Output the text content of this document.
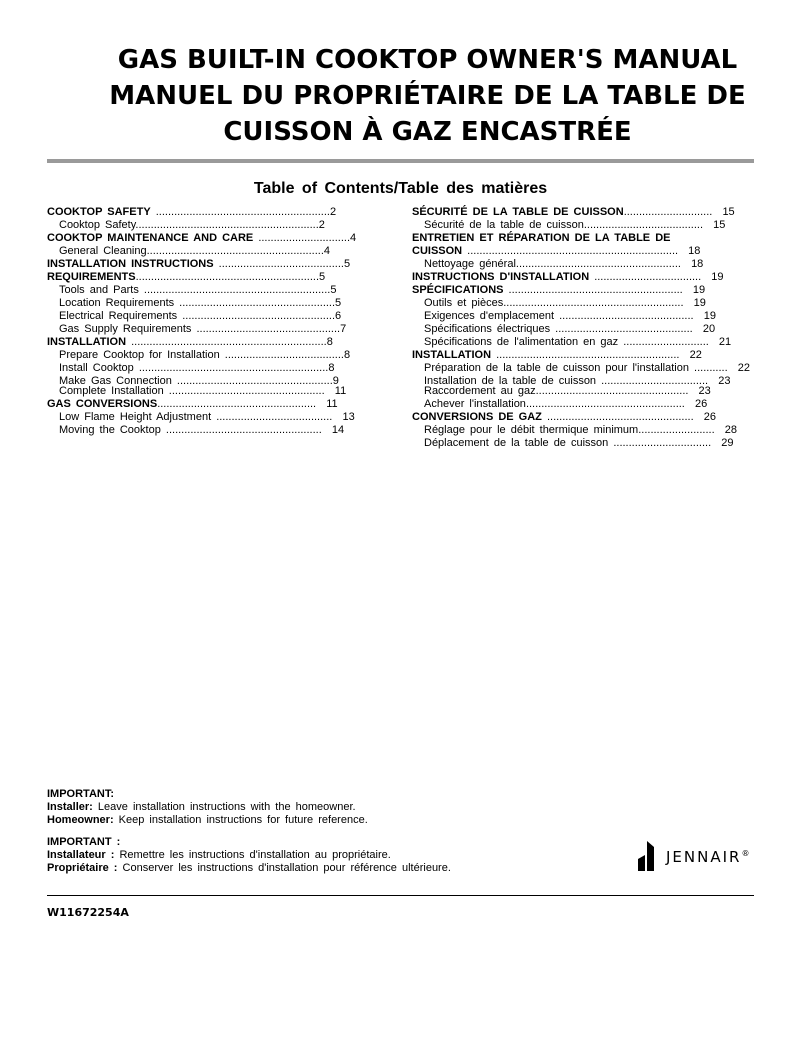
GAS BUILT-IN COOKTOP OWNER'S MANUAL
MANUEL DU PROPRIÉTAIRE DE LA TABLE DE
CUISSON À GAZ ENCASTRÉE
Table of Contents/Table des matières
COOKTOP SAFETY .........................................................2
Cooktop Safety............................................................2
COOKTOP MAINTENANCE AND CARE ..............................4
General Cleaning..........................................................4
INSTALLATION INSTRUCTIONS .........................................5
REQUIREMENTS............................................................5
Tools and Parts .............................................................5
Location Requirements ...................................................5
Electrical Requirements ..................................................6
Gas Supply Requirements ...............................................7
INSTALLATION ................................................................8
Prepare Cooktop for Installation .......................................8
Install Cooktop ..............................................................8
Make Gas Connection ...................................................9
Complete Installation ...................................................  11
GAS CONVERSIONS....................................................  11
Low Flame Height Adjustment ......................................  13
Moving the Cooktop ...................................................  14
SÉCURITÉ DE LA TABLE DE CUISSON.............................  15
Sécurité de la table de cuisson.......................................  15
ENTRETIEN ET RÉPARATION DE LA TABLE DE
CUISSON .....................................................................  18
Nettoyage général......................................................  18
INSTRUCTIONS D'INSTALLATION ...................................  19
SPÉCIFICATIONS .........................................................  19
Outils et pièces...........................................................  19
Exigences d'emplacement ............................................  19
Spécifications électriques .............................................  20
Spécifications de l'alimentation en gaz ............................  21
INSTALLATION ............................................................  22
Préparation de la table de cuisson pour l'installation ...........  22
Installation de la table de cuisson ...................................  23
Raccordement au gaz..................................................  23
Achever l'installation....................................................  26
CONVERSIONS DE GAZ ................................................  26
Réglage pour le débit thermique minimum.........................  28
Déplacement de la table de cuisson ................................  29
IMPORTANT:
Installer: Leave installation instructions with the homeowner.
Homeowner: Keep installation instructions for future reference.
IMPORTANT :
Installateur : Remettre les instructions d'installation au propriétaire.
Propriétaire : Conserver les instructions d'installation pour référence ultérieure.
JENNAIR®
W11672254A
